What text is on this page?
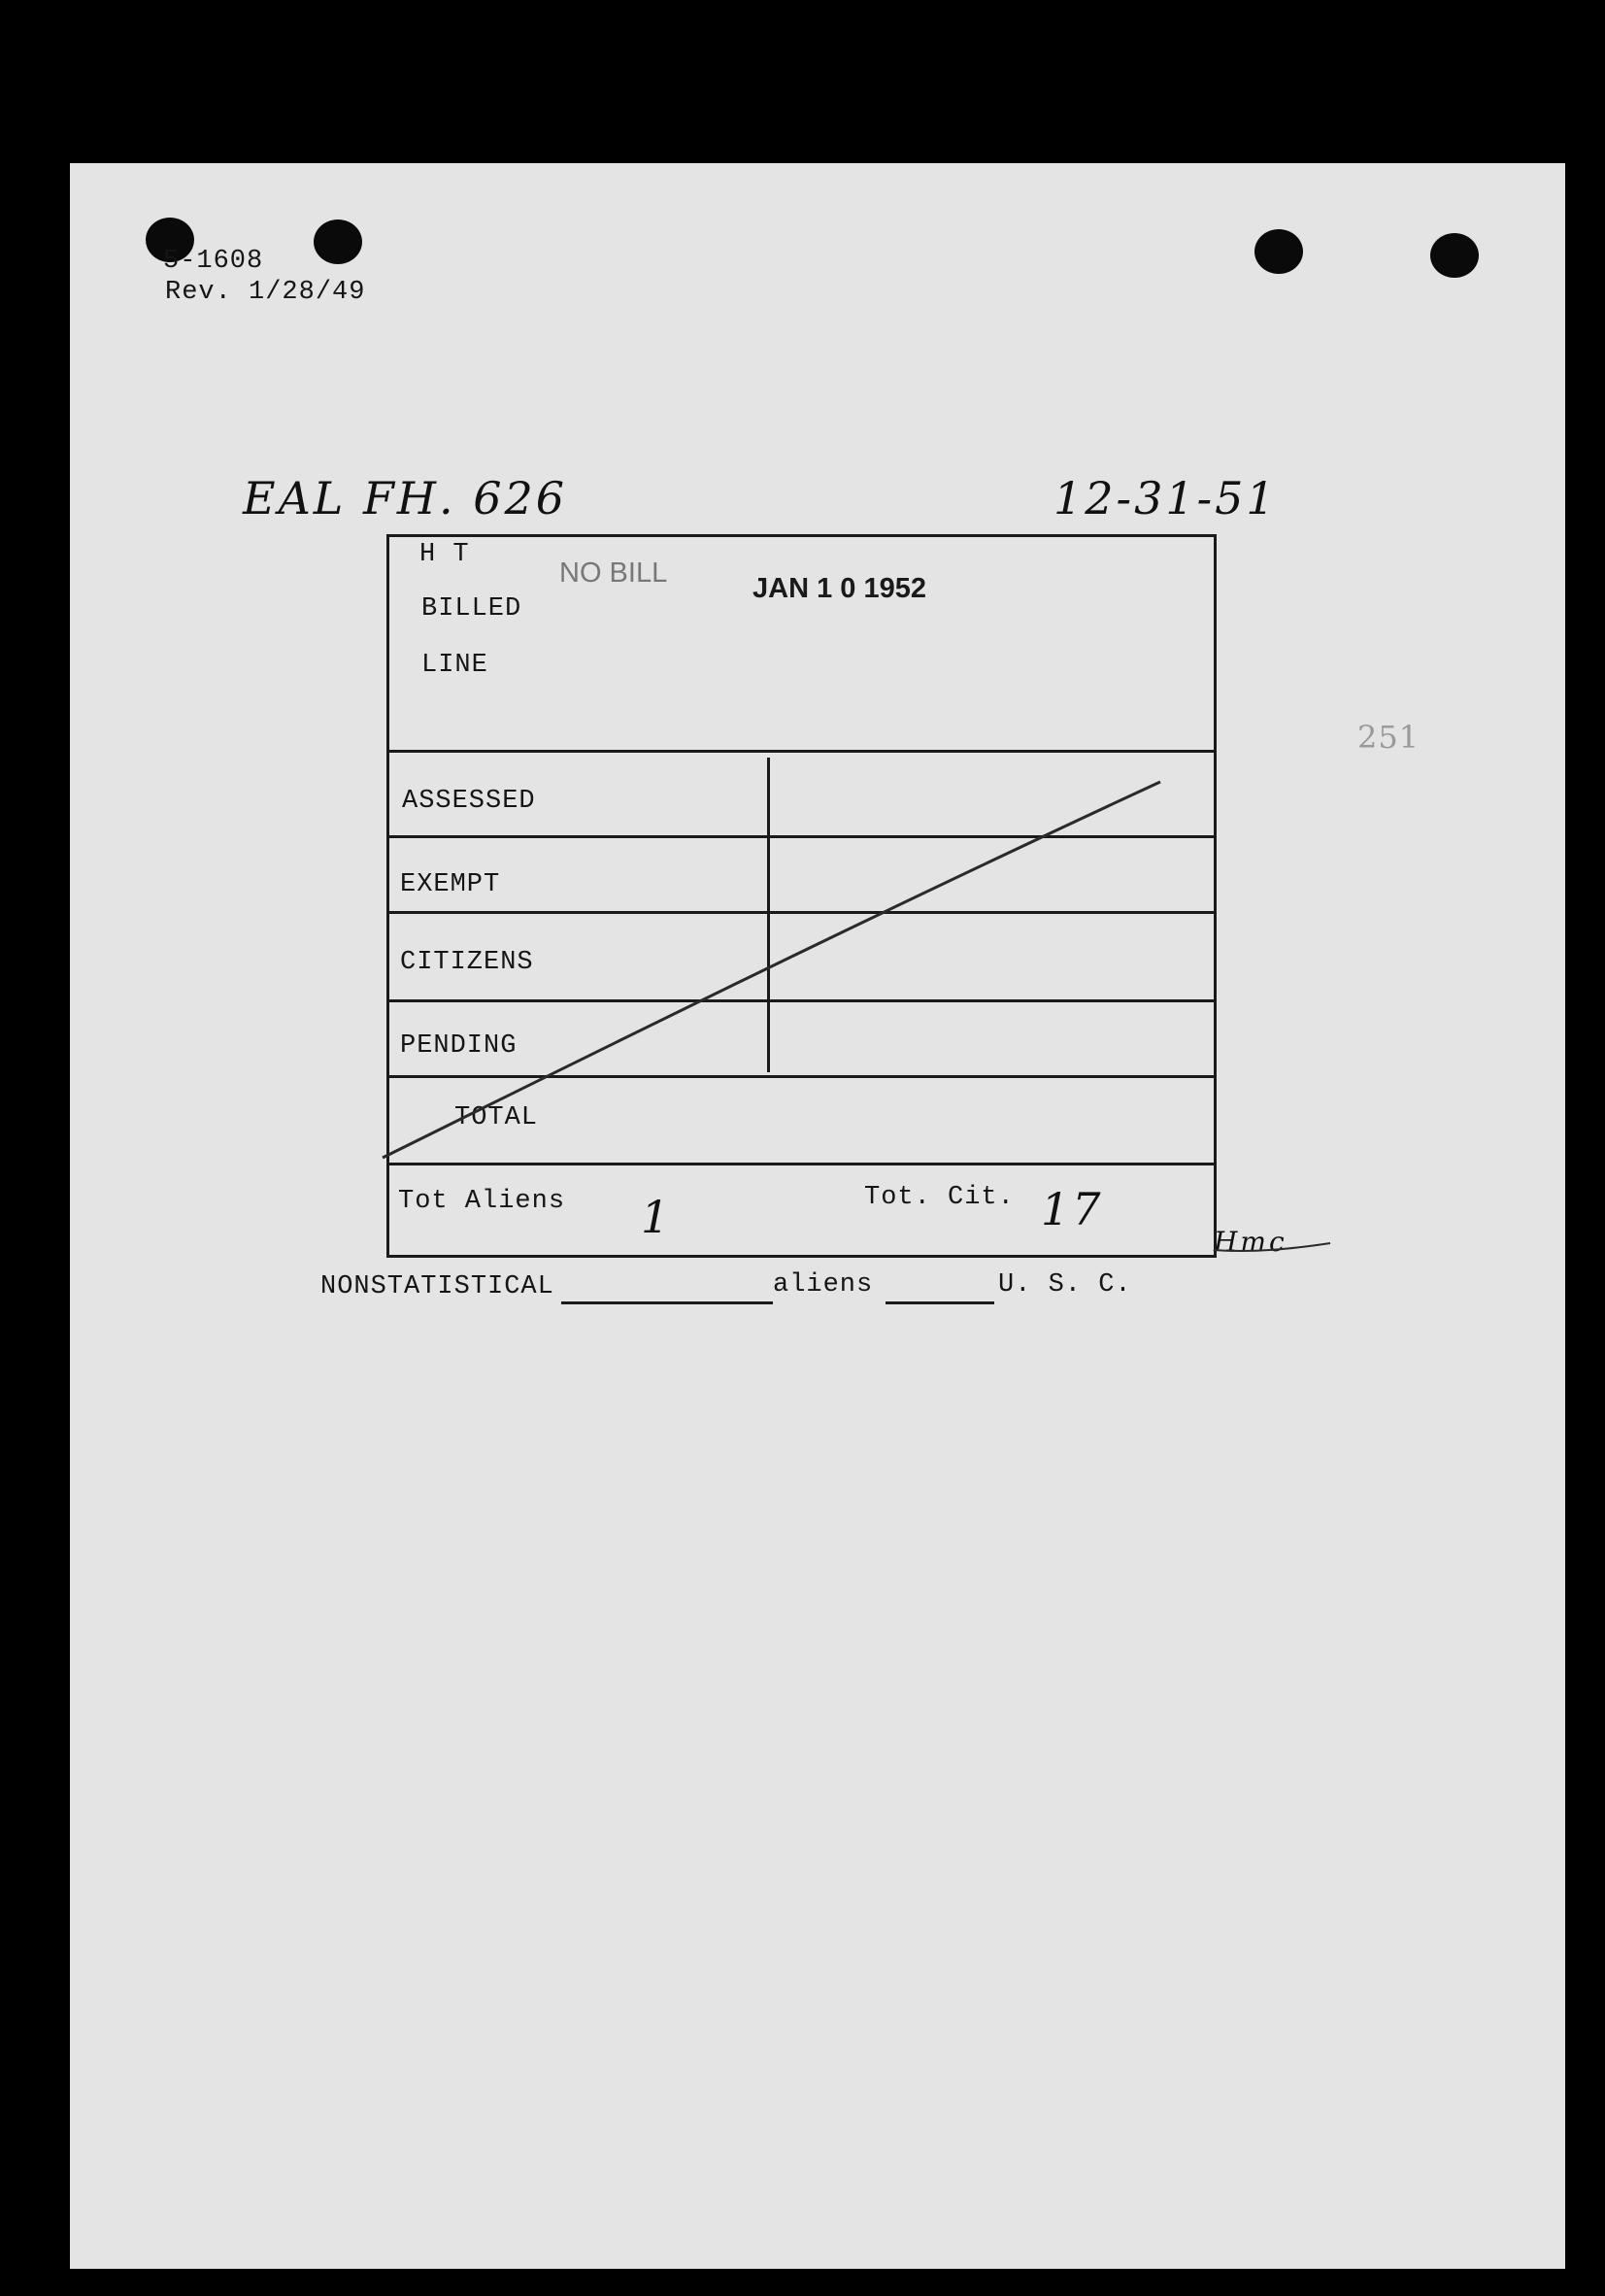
5-1608
Rev. 1/28/49
EAL FH. 626	12-31-51
251
H T
BILLED
LINE
NO BILL	JAN 1 0 1952
ASSESSED
EXEMPT
CITIZENS
PENDING
TOTAL
Tot Aliens 1	Tot. Cit. 17
Hmc
NONSTATISTICAL	aliens	U. S. C.
